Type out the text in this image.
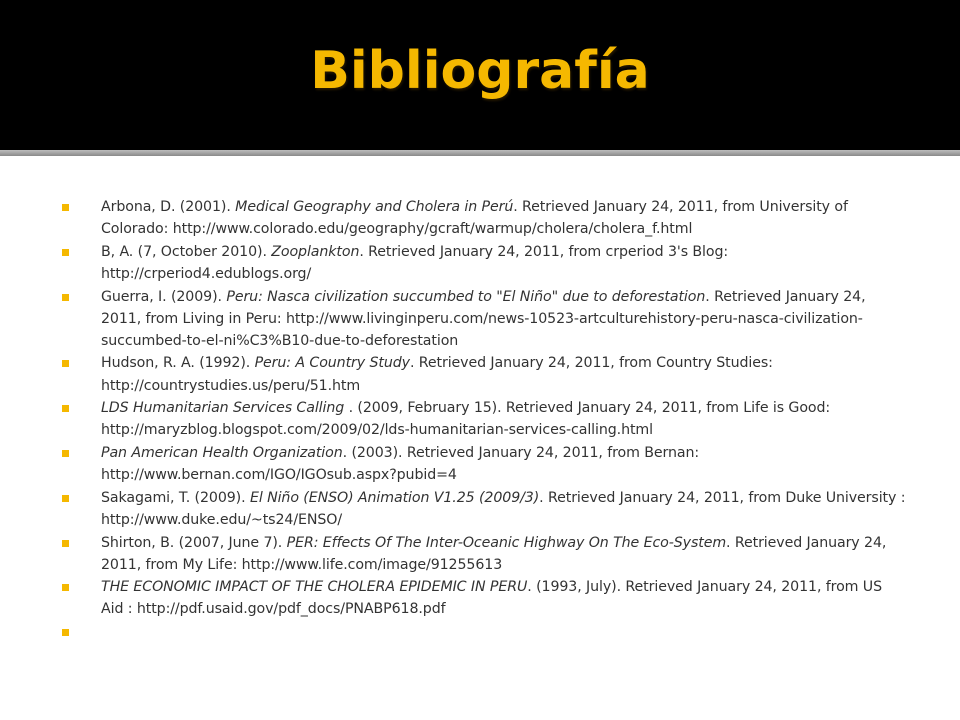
Bibliografía
Arbona, D. (2001). Medical Geography and Cholera in Perú. Retrieved January 24, 2011, from University of Colorado: http://www.colorado.edu/geography/gcraft/warmup/cholera/cholera_f.html
B, A. (7, October 2010). Zooplankton. Retrieved January 24, 2011, from crperiod 3's Blog: http://crperiod4.edublogs.org/
Guerra, I. (2009). Peru: Nasca civilization succumbed to "El Niño" due to deforestation. Retrieved January 24, 2011, from Living in Peru: http://www.livinginperu.com/news-10523-artculturehistory-peru-nasca-civilization-succumbed-to-el-ni%C3%B10-due-to-deforestation
Hudson, R. A. (1992). Peru: A Country Study. Retrieved January 24, 2011, from Country Studies: http://countrystudies.us/peru/51.htm
LDS Humanitarian Services Calling . (2009, February 15). Retrieved January 24, 2011, from Life is Good: http://maryzblog.blogspot.com/2009/02/lds-humanitarian-services-calling.html
Pan American Health Organization. (2003). Retrieved January 24, 2011, from Bernan: http://www.bernan.com/IGO/IGOsub.aspx?pubid=4
Sakagami, T. (2009). El Niño (ENSO) Animation V1.25 (2009/3). Retrieved January 24, 2011, from Duke University : http://www.duke.edu/~ts24/ENSO/
Shirton, B. (2007, June 7). PER: Effects Of The Inter-Oceanic Highway On The Eco-System. Retrieved January 24, 2011, from My Life: http://www.life.com/image/91255613
THE ECONOMIC IMPACT OF THE CHOLERA EPIDEMIC IN PERU. (1993, July). Retrieved January 24, 2011, from US Aid : http://pdf.usaid.gov/pdf_docs/PNABP618.pdf
